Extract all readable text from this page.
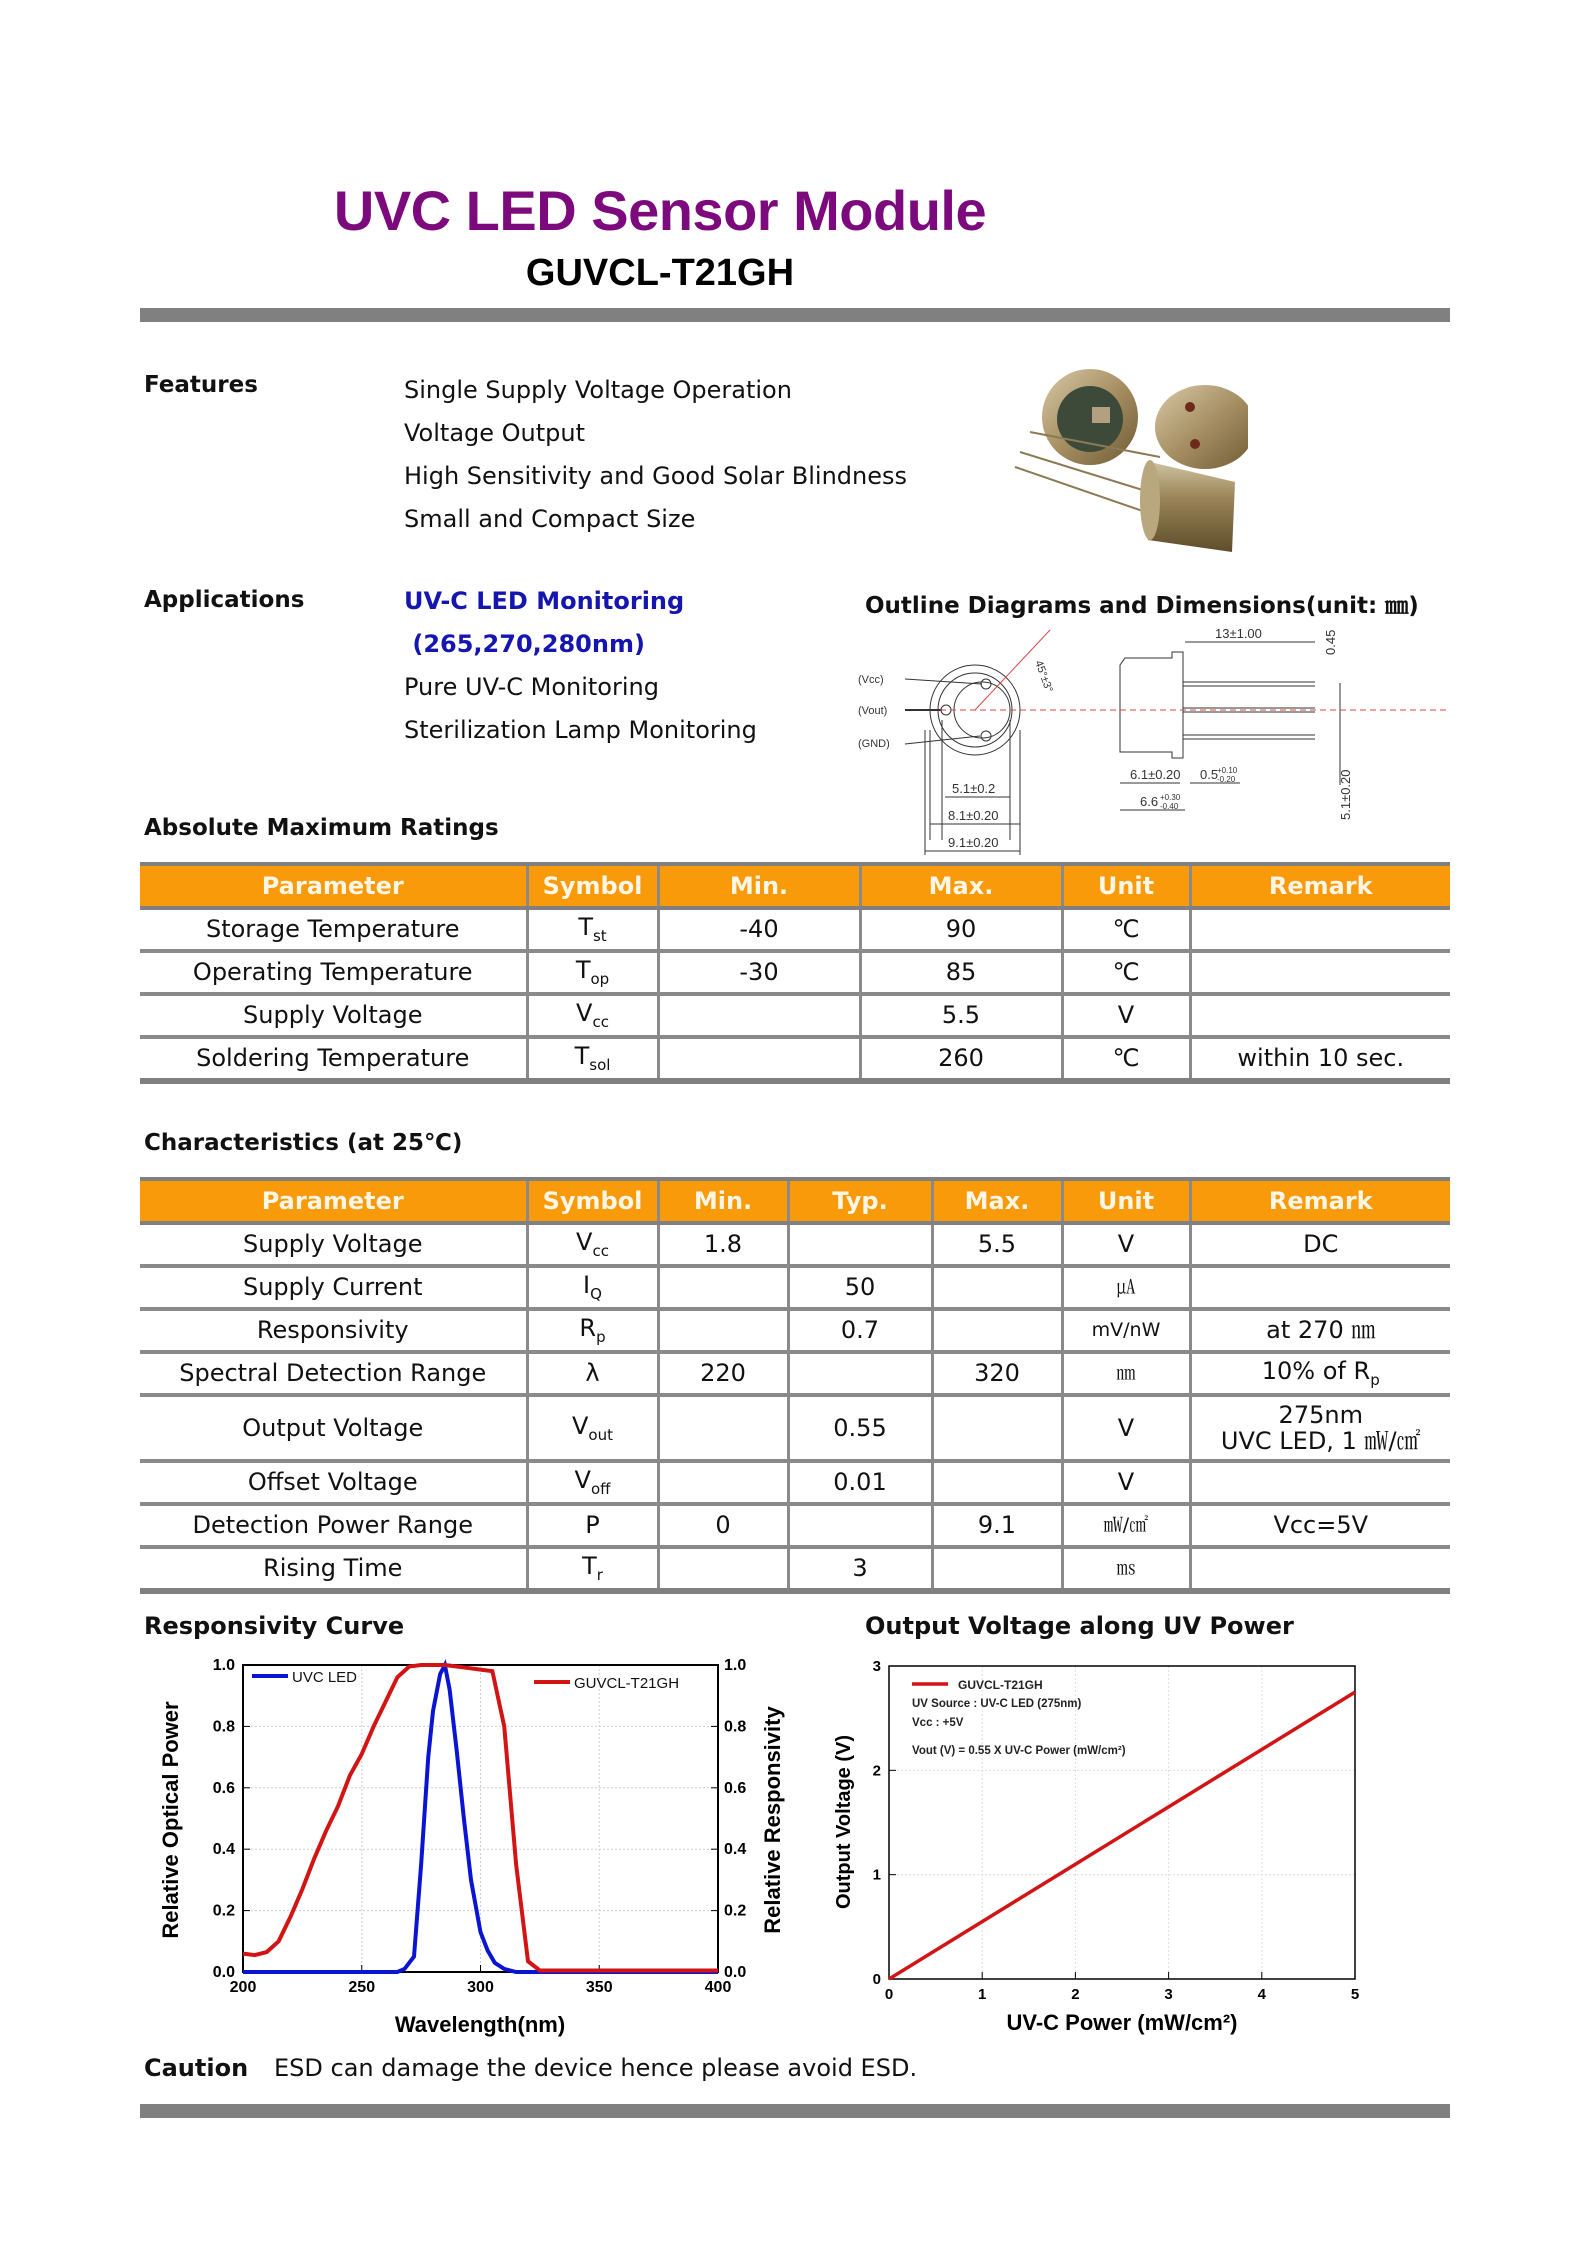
UVC LED Sensor Module
GUVCL-T21GH
Features	Single Supply Voltage Operation
Voltage Output
High Sensitivity and Good Solar Blindness
Small and Compact Size
Applications	UV-C LED Monitoring
(265,270,280nm)
Pure UV-C Monitoring
Sterilization Lamp Monitoring
Outline Diagrams and Dimensions(unit: ㎜)
(Vcc)
(Vout)
(GND)
45°±3°
5.1±0.2
8.1±0.20
9.1±0.20
13±1.00
6.1±0.20 0.5
+0.10
-0.20
6.6 +0.30
-0.40
0.45
5.1±0.20
Absolute Maximum Ratings
Parameter	Symbol	Min.	Max.	Unit	Remark
Storage Temperature	$T_{st}$	-40	90	℃	
Operating Temperature	$T_{op}$	-30	85	℃	
Supply Voltage	$V_{cc}$		5.5	V	
Soldering Temperature	$T_{sol}$		260	℃	within 10 sec.
Characteristics (at 25℃)
Parameter	Symbol	Min.	Typ.	Max.	Unit	Remark
Supply Voltage	$V_{cc}$	1.8		5.5	V	DC
Supply Current	$I_Q$		50		㎂	
Responsivity	$R_p$		0.7		mV/nW	at 270 ㎚
Spectral Detection Range	λ	220		320	㎚	10% of $R_p$
Output Voltage	$V_{out}$		0.55		V	275nm
UVC LED, 1 ㎽/㎠

Offset Voltage	$V_{off}$		0.01		V	
Detection Power Range	P	0		9.1	㎽/㎠	Vcc=5V
Rising Time	$T_r$		3		㎳	
Responsivity Curve
200	250	300	350	400
0.0	0.0
0.2	0.2
0.4	0.4
0.6	0.6
0.8	0.8
1.0	1.0
UVC LED	GUVCL-T21GH
Wavelength(nm)
Relative Optical Power	Relative Responsivity
Output Voltage along UV Power
0	1	2	3	4	5
0
1
2
3
GUVCL-T21GH
UV Source : UV-C LED (275nm)
Vcc : +5V
Vout (V) = 0.55 X UV-C Power (mW/cm²)
UV-C Power (mW/cm²)
Output Voltage (V)
Caution ESD can damage the device hence please avoid ESD.
